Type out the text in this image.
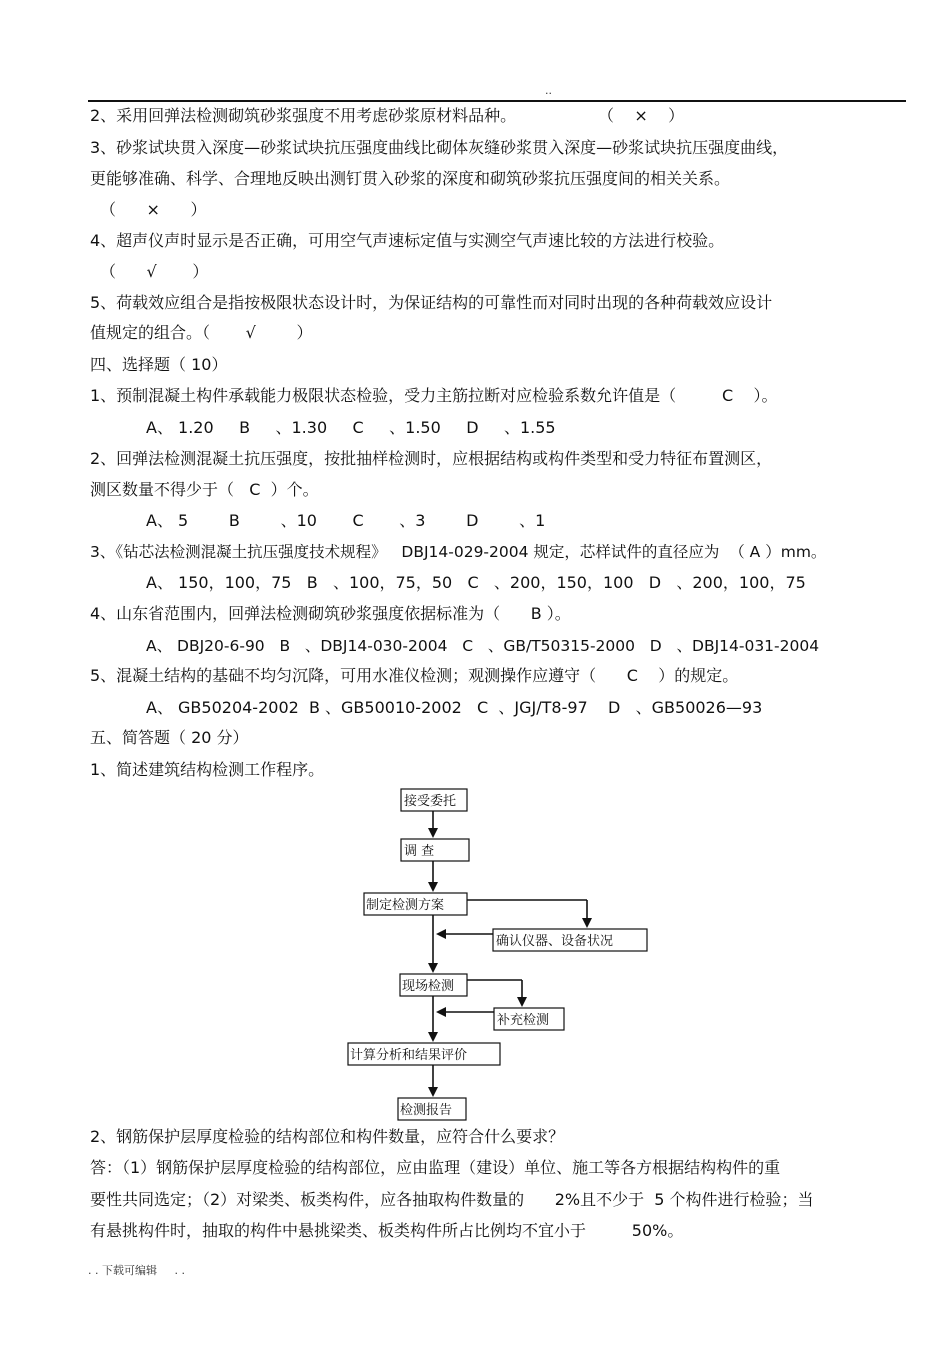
..
2、采用回弹法检测砌筑砂浆强度不用考虑砂浆原材料品种。	（    ×    ）
3、砂浆试块贯入深度—砂浆试块抗压强度曲线比砌体灰缝砂浆贯入深度—砂浆试块抗压强度曲线，
更能够准确、科学、合理地反映出测钉贯入砂浆的深度和砌筑砂浆抗压强度间的相关关系。
（      ×      ）
4、超声仪声时显示是否正确，可用空气声速标定值与实测空气声速比较的方法进行校验。
（      √       ）
5、荷载效应组合是指按极限状态设计时，为保证结构的可靠性而对同时出现的各种荷载效应设计
值规定的组合。（       √        ）
四、选择题（ 10）
1、预制混凝土构件承载能力极限状态检验，受力主筋拉断对应检验系数允许值是（         C    ）。
A、 1.20     B     、1.30     C     、1.50     D     、1.55
2、回弹法检测混凝土抗压强度，按批抽样检测时，应根据结构或构件类型和受力特征布置测区，
测区数量不得少于（   C  ）个。
A、 5        B        、10       C       、3        D        、1
3、《钻芯法检测混凝土抗压强度技术规程》   DBJ14-029-2004 规定，芯样试件的直径应为  （ A ）mm。
A、 150，100，75   B   、100，75，50   C   、200，150，100   D   、200，100，75
4、山东省范围内，回弹法检测砌筑砂浆强度依据标准为（      B ）。
A、 DBJ20-6-90   B   、DBJ14-030-2004   C   、GB/T50315-2000   D   、DBJ14-031-2004
5、混凝土结构的基础不均匀沉降，可用水准仪检测；观测操作应遵守（      C    ）的规定。
A、 GB50204-2002  B 、GB50010-2002   C  、JGJ/T8-97    D   、GB50026—93
五、简答题（ 20 分）
1、简述建筑结构检测工作程序。
接受委托
调 查
制定检测方案
确认仪器、设备状况
现场检测
补充检测
计算分析和结果评价
检测报告
2、钢筋保护层厚度检验的结构部位和构件数量，应符合什么要求？
答：（1）钢筋保护层厚度检验的结构部位，应由监理（建设）单位、施工等各方根据结构构件的重
要性共同选定；（2）对梁类、板类构件，应各抽取构件数量的      2%且不少于  5 个构件进行检验；当
有悬挑构件时，抽取的构件中悬挑梁类、板类构件所占比例均不宜小于         50%。
. . 下载可编辑     . .
